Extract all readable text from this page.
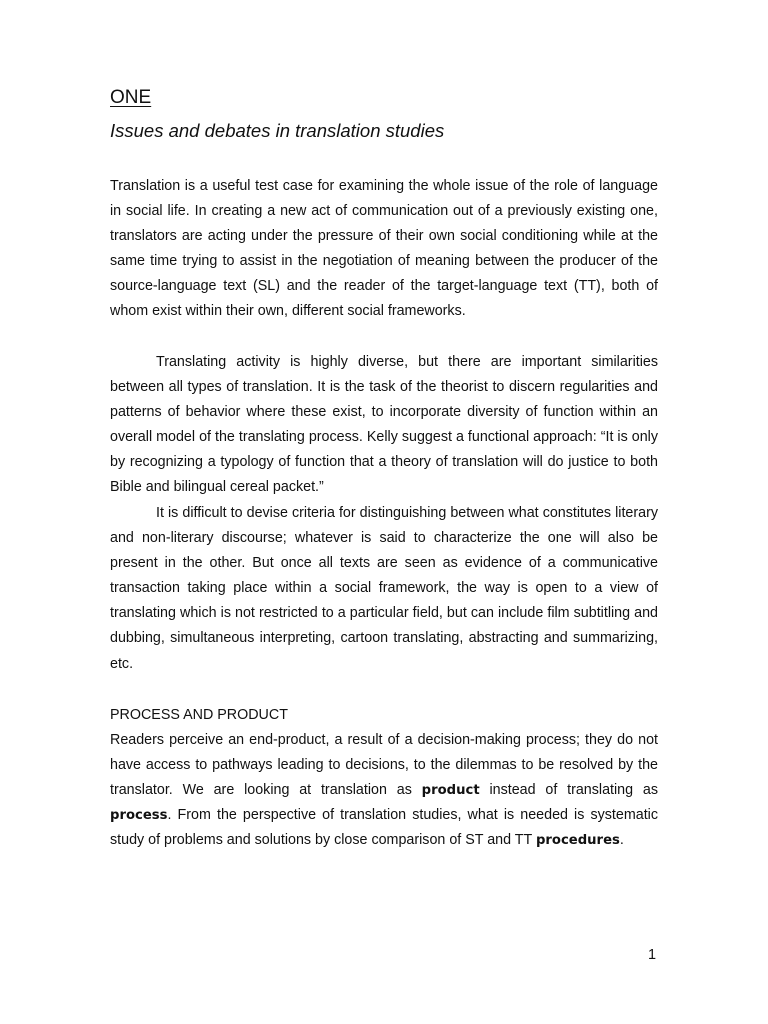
ONE
Issues and debates in translation studies

Translation is a useful test case for examining the whole issue of the role of language in social life. In creating a new act of communication out of a previously existing one, translators are acting under the pressure of their own social conditioning while at the same time trying to assist in the negotiation of meaning between the producer of the source-language text (SL) and the reader of the target-language text (TT), both of whom exist within their own, different social frameworks.

Translating activity is highly diverse, but there are important similarities between all types of translation. It is the task of the theorist to discern regularities and patterns of behavior where these exist, to incorporate diversity of function within an overall model of the translating process. Kelly suggest a functional approach: “It is only by recognizing a typology of function that a theory of translation will do justice to both Bible and bilingual cereal packet.”

It is difficult to devise criteria for distinguishing between what constitutes literary and non-literary discourse; whatever is said to characterize the one will also be present in the other. But once all texts are seen as evidence of a communicative transaction taking place within a social framework, the way is open to a view of translating which is not restricted to a particular field, but can include film subtitling and dubbing, simultaneous interpreting, cartoon translating, abstracting and summarizing, etc.

PROCESS AND PRODUCT

Readers perceive an end-product, a result of a decision-making process; they do not have access to pathways leading to decisions, to the dilemmas to be resolved by the translator. We are looking at translation as product instead of translating as process. From the perspective of translation studies, what is needed is systematic study of problems and solutions by close comparison of ST and TT procedures.

1
